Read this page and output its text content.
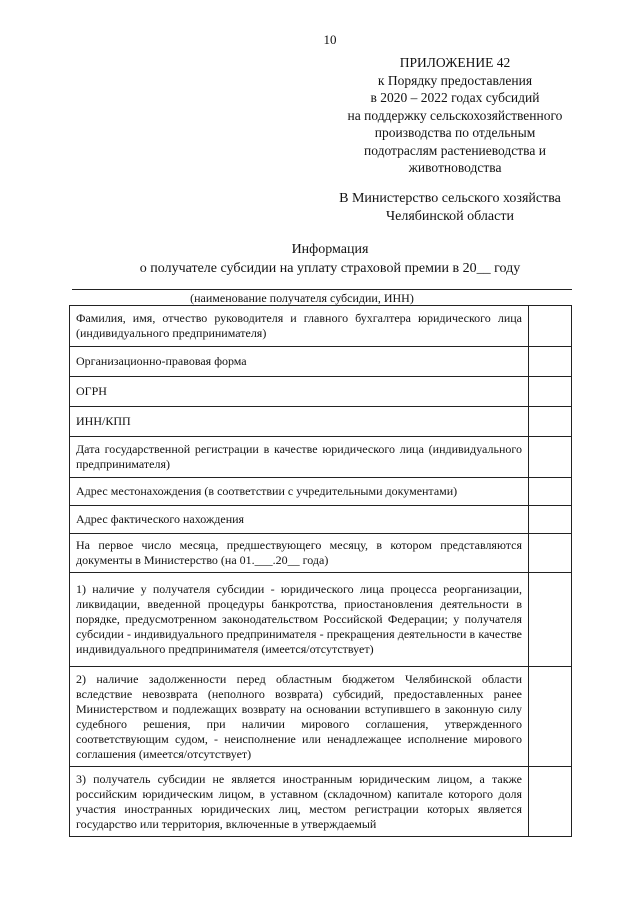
10
ПРИЛОЖЕНИЕ 42
к Порядку предоставления
в 2020 – 2022 годах субсидий
на поддержку сельскохозяйственного
производства по отдельным
подотраслям растениеводства и
животноводства
В Министерство сельского хозяйства
Челябинской области
Информация
о получателе субсидии на уплату страховой премии в 20__ году
(наименование получателя субсидии, ИНН)
Фамилия, имя, отчество руководителя и главного бухгалтера юридического лица (индивидуального предпринимателя)	
Организационно-правовая форма	
ОГРН	
ИНН/КПП	
Дата государственной регистрации в качестве юридического лица (индивидуального предпринимателя)	
Адрес местонахождения (в соответствии с учредительными документами)	
Адрес фактического нахождения	
На первое число месяца, предшествующего месяцу, в котором представляются документы в Министерство (на 01.___.20__ года)	
1) наличие у получателя субсидии - юридического лица процесса реорганизации, ликвидации, введенной процедуры банкротства, приостановления деятельности в порядке, предусмотренном законодательством Российской Федерации; у получателя субсидии - индивидуального предпринимателя - прекращения деятельности в качестве индивидуального предпринимателя (имеется/отсутствует)	
2) наличие задолженности перед областным бюджетом Челябинской области вследствие невозврата (неполного возврата) субсидий, предоставленных ранее Министерством и подлежащих возврату на основании вступившего в законную силу судебного решения, при наличии мирового соглашения, утвержденного соответствующим судом, - неисполнение или ненадлежащее исполнение мирового соглашения (имеется/отсутствует)	
3) получатель субсидии не является иностранным юридическим лицом, а также российским юридическим лицом, в уставном (складочном) капитале которого доля участия иностранных юридических лиц, местом регистрации которых является государство или территория, включенные в утверждаемый	
